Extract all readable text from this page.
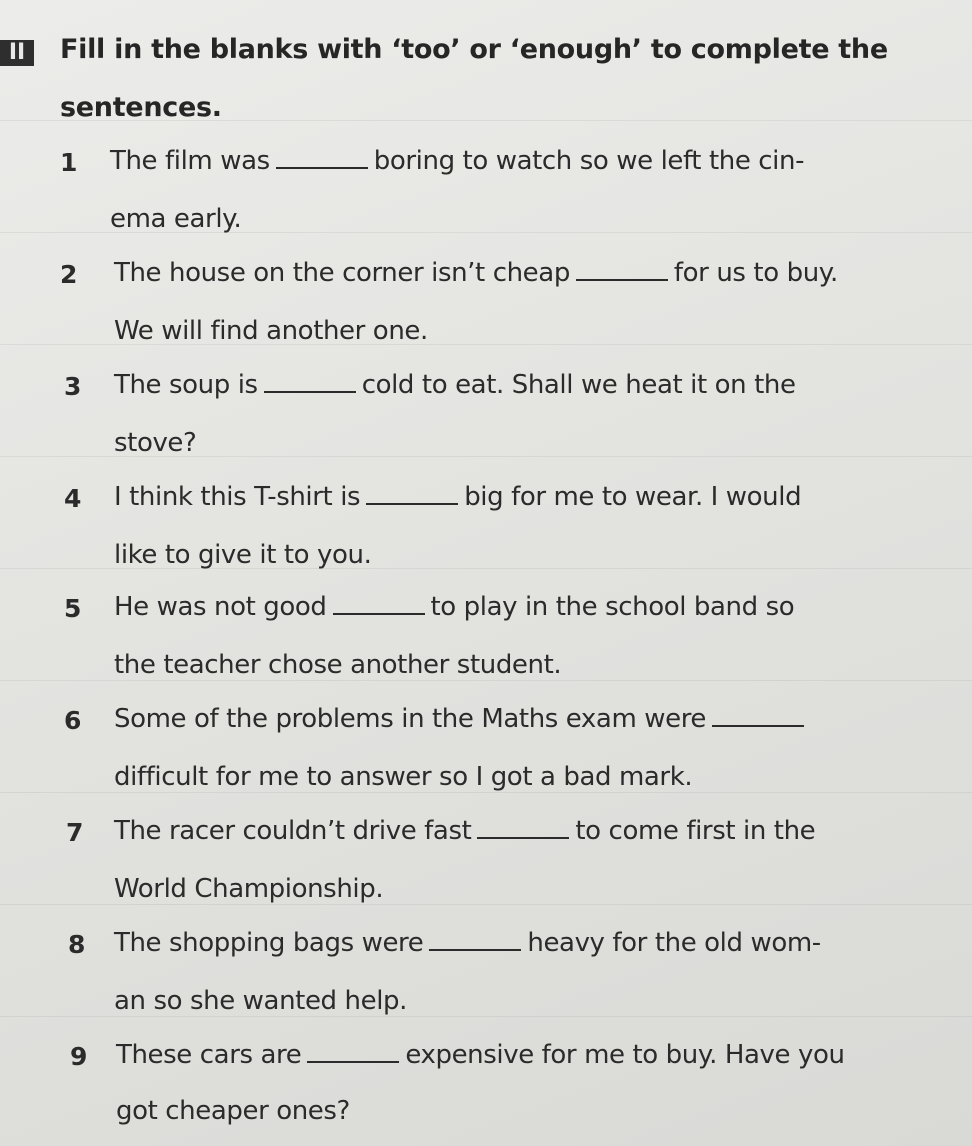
II	Fill in the blanks with ‘too’ or ‘enough’ to complete the
sentences.
1 The film was	boring to watch so we left the cin-
ema early.
2 The house on the corner isn’t cheap	for us to buy.
We will find another one.
3 The soup is	cold to eat. Shall we heat it on the
stove?
4 I think this T-shirt is	big for me to wear. I would
like to give it to you.
5 He was not good	to play in the school band so
the teacher chose another student.
6 Some of the problems in the Maths exam were
difficult for me to answer so I got a bad mark.
7 The racer couldn’t drive fast	to come first in the
World Championship.
8 The shopping bags were	heavy for the old wom-
an so she wanted help.
9 These cars are	expensive for me to buy. Have you
got cheaper ones?
